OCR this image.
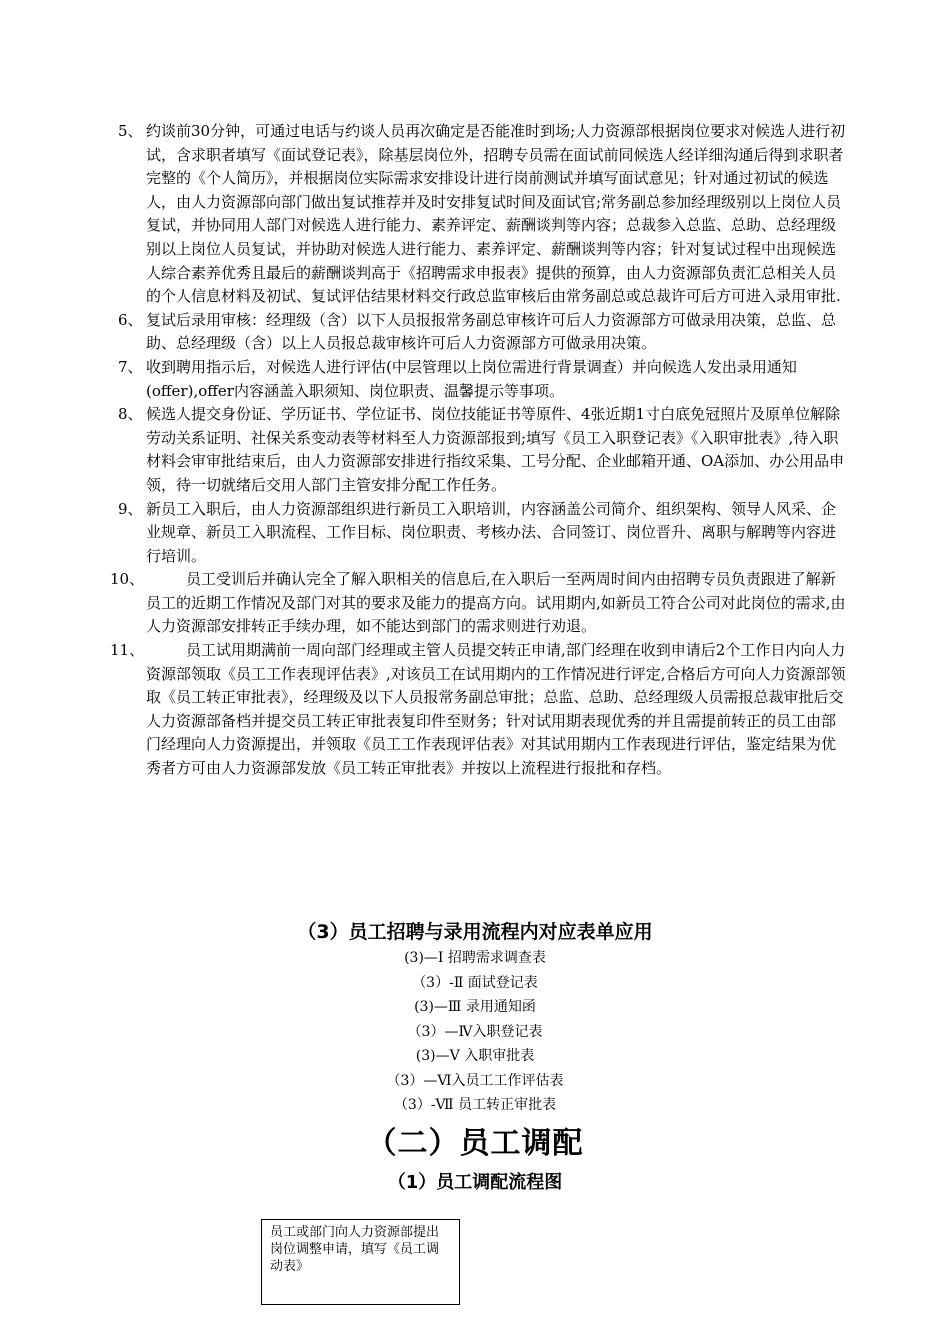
5、 约谈前30分钟，可通过电话与约谈人员再次确定是否能准时到场;人力资源部根据岗位要求对候选人进行初试，含求职者填写《面试登记表》，除基层岗位外，招聘专员需在面试前同候选人经详细沟通后得到求职者完整的《个人简历》，并根据岗位实际需求安排设计进行岗前测试并填写面试意见；针对通过初试的候选人，由人力资源部向部门做出复试推荐并及时安排复试时间及面试官;常务副总参加经理级别以上岗位人员复试，并协同用人部门对候选人进行能力、素养评定、薪酬谈判等内容；总裁参入总监、总助、总经理级别以上岗位人员复试，并协助对候选人进行能力、素养评定、薪酬谈判等内容；针对复试过程中出现候选人综合素养优秀且最后的薪酬谈判高于《招聘需求申报表》提供的预算，由人力资源部负责汇总相关人员的个人信息材料及初试、复试评估结果材料交行政总监审核后由常务副总或总裁许可后方可进入录用审批.
6、 复试后录用审核：经理级（含）以下人员报报常务副总审核许可后人力资源部方可做录用决策，总监、总助、总经理级（含）以上人员报总裁审核许可后人力资源部方可做录用决策。
7、 收到聘用指示后，对候选人进行评估(中层管理以上岗位需进行背景调查）并向候选人发出录用通知(offer),offer内容涵盖入职须知、岗位职责、温馨提示等事项。
8、 候选人提交身份证、学历证书、学位证书、岗位技能证书等原件、4张近期1寸白底免冠照片及原单位解除劳动关系证明、社保关系变动表等材料至人力资源部报到;填写《员工入职登记表》《入职审批表》,待入职材料会审审批结束后，由人力资源部安排进行指纹采集、工号分配、企业邮箱开通、OA添加、办公用品申领，待一切就绪后交用人部门主管安排分配工作任务。
9、 新员工入职后，由人力资源部组织进行新员工入职培训，内容涵盖公司简介、组织架构、领导人风采、企业规章、新员工入职流程、工作目标、岗位职责、考核办法、合同签订、岗位晋升、离职与解聘等内容进行培训。
10、	员工受训后并确认完全了解入职相关的信息后,在入职后一至两周时间内由招聘专员负责跟进了解新员工的近期工作情况及部门对其的要求及能力的提高方向。试用期内,如新员工符合公司对此岗位的需求,由人力资源部安排转正手续办理，如不能达到部门的需求则进行劝退。
11、	员工试用期满前一周向部门经理或主管人员提交转正申请,部门经理在收到申请后2个工作日内向人力资源部领取《员工工作表现评估表》,对该员工在试用期内的工作情况进行评定,合格后方可向人力资源部领取《员工转正审批表》，经理级及以下人员报常务副总审批；总监、总助、总经理级人员需报总裁审批后交人力资源部备档并提交员工转正审批表复印件至财务；针对试用期表现优秀的并且需提前转正的员工由部门经理向人力资源提出，并领取《员工工作表现评估表》对其试用期内工作表现进行评估，鉴定结果为优秀者方可由人力资源部发放《员工转正审批表》并按以上流程进行报批和存档。
（3）员工招聘与录用流程内对应表单应用
(3)—Ⅰ 招聘需求调查表
（3）-Ⅱ 面试登记表
(3)—Ⅲ 录用通知函
（3）—Ⅳ入职登记表
(3)—Ⅴ 入职审批表
（3）—Ⅵ入员工工作评估表
（3）-Ⅶ 员工转正审批表
（二）员工调配
（1）员工调配流程图
员工或部门向人力资源部提出岗位调整申请，填写《员工调动表》
